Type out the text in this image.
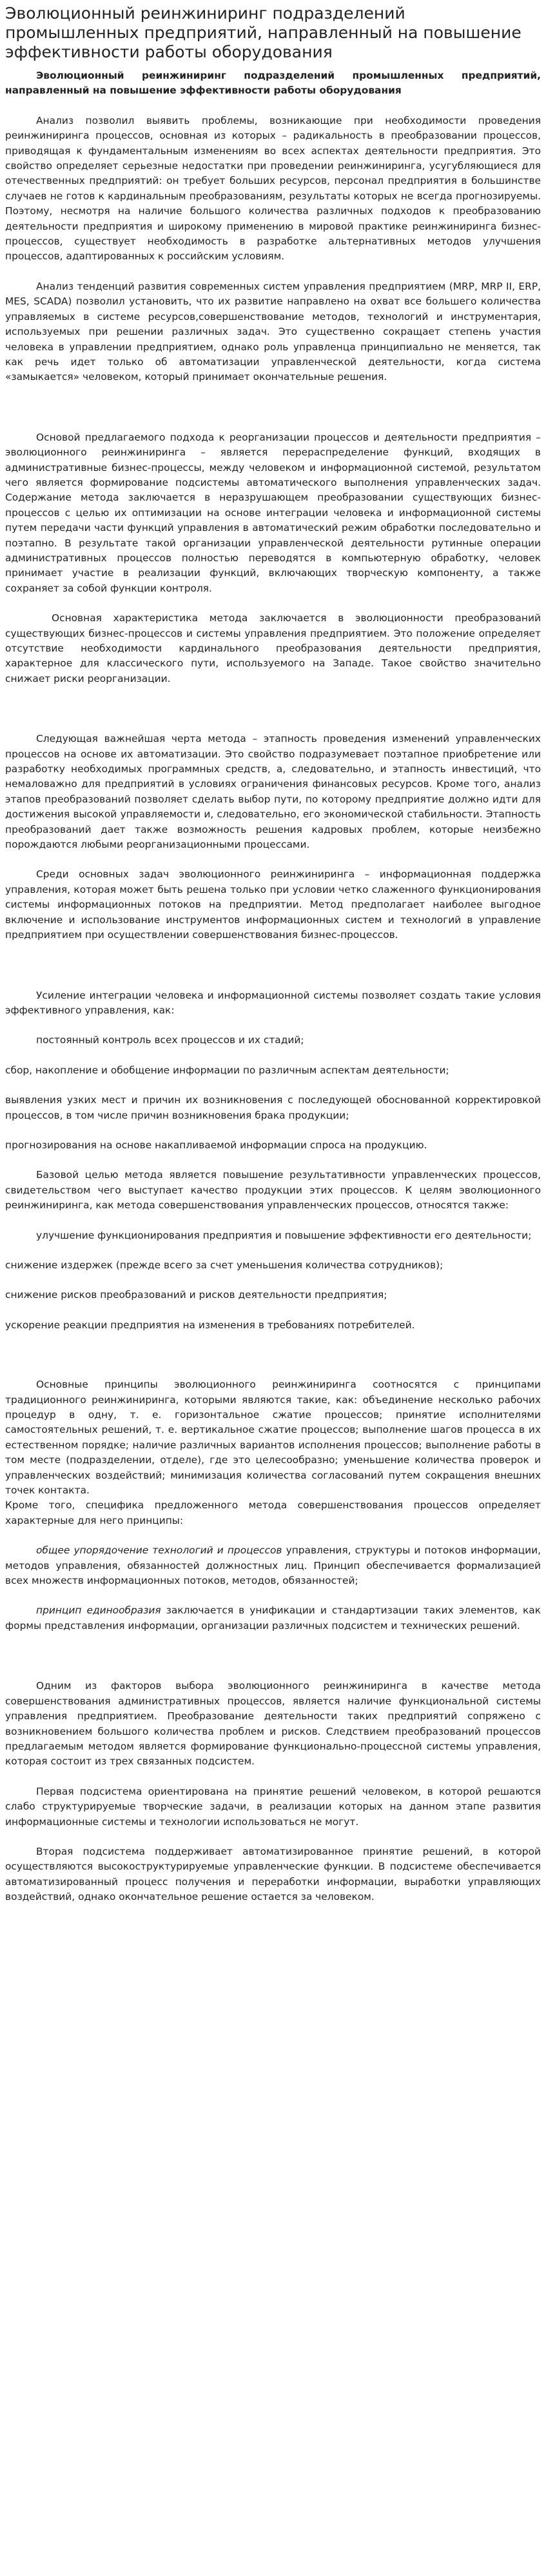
Эволюционный реинжиниринг подразделений промышленных предприятий, направленный на повышение эффективности работы оборудования

Эволюционный реинжиниринг подразделений промышленных предприятий, направленный на повышение эффективности работы оборудования

Анализ позволил выявить проблемы, возникающие при необходимости проведения реинжиниринга процессов, основная из которых – радикальность в преобразовании процессов, приводящая к фундаментальным изменениям во всех аспектах деятельности предприятия. Это свойство определяет серьезные недостатки при проведении реинжиниринга, усугубляющиеся для отечественных предприятий: он требует больших ресурсов, персонал предприятия в большинстве случаев не готов к кардинальным преобразованиям, результаты которых не всегда прогнозируемы. Поэтому, несмотря на наличие большого количества различных подходов к преобразованию деятельности предприятия и широкому применению в мировой практике реинжиниринга бизнес-процессов, существует необходимость в разработке альтернативных методов улучшения процессов, адаптированных к российским условиям.

Анализ тенденций развития современных систем управления предприятием (MRP, MRP II, ERP, MES, SCADA) позволил установить, что их развитие направлено на охват все большего количества управляемых в системе ресурсов,совершенствование методов, технологий и инструментария, используемых при решении различных задач. Это существенно сокращает степень участия человека в управлении предприятием, однако роль управленца принципиально не меняется, так как речь идет только об автоматизации управленческой деятельности, когда система «замыкается» человеком, который принимает окончательные решения.

Основой предлагаемого подхода к реорганизации процессов и деятельности предприятия – эволюционного реинжиниринга – является перераспределение функций, входящих в административные бизнес-процессы, между человеком и информационной системой, результатом чего является формирование подсистемы автоматического выполнения управленческих задач. Содержание метода заключается в неразрушающем преобразовании существующих бизнес-процессов с целью их оптимизации на основе интеграции человека и информационной системы путем передачи части функций управления в автоматический режим обработки последовательно и поэтапно. В результате такой организации управленческой деятельности рутинные операции административных процессов полностью переводятся в компьютерную обработку, человек принимает участие в реализации функций, включающих творческую компоненту, а также сохраняет за собой функции контроля.

Основная характеристика метода заключается в эволюционности преобразований существующих бизнес-процессов и системы управления предприятием. Это положение определяет отсутствие необходимости кардинального преобразования деятельности предприятия, характерное для классического пути, используемого на Западе. Такое свойство значительно снижает риски реорганизации.

Следующая важнейшая черта метода – этапность проведения изменений управленческих процессов на основе их автоматизации. Это свойство подразумевает поэтапное приобретение или разработку необходимых программных средств, а, следовательно, и этапность инвестиций, что немаловажно для предприятий в условиях ограничения финансовых ресурсов. Кроме того, анализ этапов преобразований позволяет сделать выбор пути, по которому предприятие должно идти для достижения высокой управляемости и, следовательно, его экономической стабильности. Этапность преобразований дает также возможность решения кадровых проблем, которые неизбежно порождаются любыми реорганизационными процессами.

Среди основных задач эволюционного реинжиниринга – информационная поддержка управления, которая может быть решена только при условии четко слаженного функционирования системы информационных потоков на предприятии. Метод предполагает наиболее выгодное включение и использование инструментов информационных систем и технологий в управление предприятием при осуществлении совершенствования бизнес-процессов.

Усиление интеграции человека и информационной системы позволяет создать такие условия эффективного управления, как:

постоянный контроль всех процессов и их стадий;

сбор, накопление и обобщение информации по различным аспектам деятельности;

выявления узких мест и причин их возникновения с последующей обоснованной корректировкой процессов, в том числе причин возникновения брака продукции;

прогнозирования на основе накапливаемой информации спроса на продукцию.

Базовой целью метода является повышение результативности управленческих процессов, свидетельством чего выступает качество продукции этих процессов. К целям эволюционного реинжиниринга, как метода совершенствования управленческих процессов, относятся также:

улучшение функционирования предприятия и повышение эффективности его деятельности;

снижение издержек (прежде всего за счет уменьшения количества сотрудников);

снижение рисков преобразований и рисков деятельности предприятия;

ускорение реакции предприятия на изменения в требованиях потребителей.

Основные принципы эволюционного реинжиниринга соотносятся с принципами традиционного реинжиниринга, которыми являются такие, как: объединение несколько рабочих процедур в одну, т. е. горизонтальное сжатие процессов; принятие исполнителями самостоятельных решений, т. е. вертикальное сжатие процессов; выполнение шагов процесса в их естественном порядке; наличие различных вариантов исполнения процессов; выполнение работы в том месте (подразделении, отделе), где это целесообразно; уменьшение количества проверок и управленческих воздействий; минимизация количества согласований путем сокращения внешних точек контакта.

Кроме того, специфика предложенного метода совершенствования процессов определяет характерные для него принципы:

общее упорядочение технологий и процессов управления, структуры и потоков информации, методов управления, обязанностей должностных лиц. Принцип обеспечивается формализацией всех множеств информационных потоков, методов, обязанностей;

принцип единообразия заключается в унификации и стандартизации таких элементов, как формы представления информации, организации различных подсистем и технических решений.

Одним из факторов выбора эволюционного реинжиниринга в качестве метода совершенствования административных процессов, является наличие функциональной системы управления предприятием. Преобразование деятельности таких предприятий сопряжено с возникновением большого количества проблем и рисков. Следствием преобразований процессов предлагаемым методом является формирование функционально-процессной системы управления, которая состоит из трех связанных подсистем.

Первая подсистема ориентирована на принятие решений человеком, в которой решаются слабо структурируемые творческие задачи, в реализации которых на данном этапе развития информационные системы и технологии использоваться не могут.

Вторая подсистема поддерживает автоматизированное принятие решений, в которой осуществляются высокоструктурируемые управленческие функции. В подсистеме обеспечивается автоматизированный процесс получения и переработки информации, выработки управляющих воздействий, однако окончательное решение остается за человеком.
